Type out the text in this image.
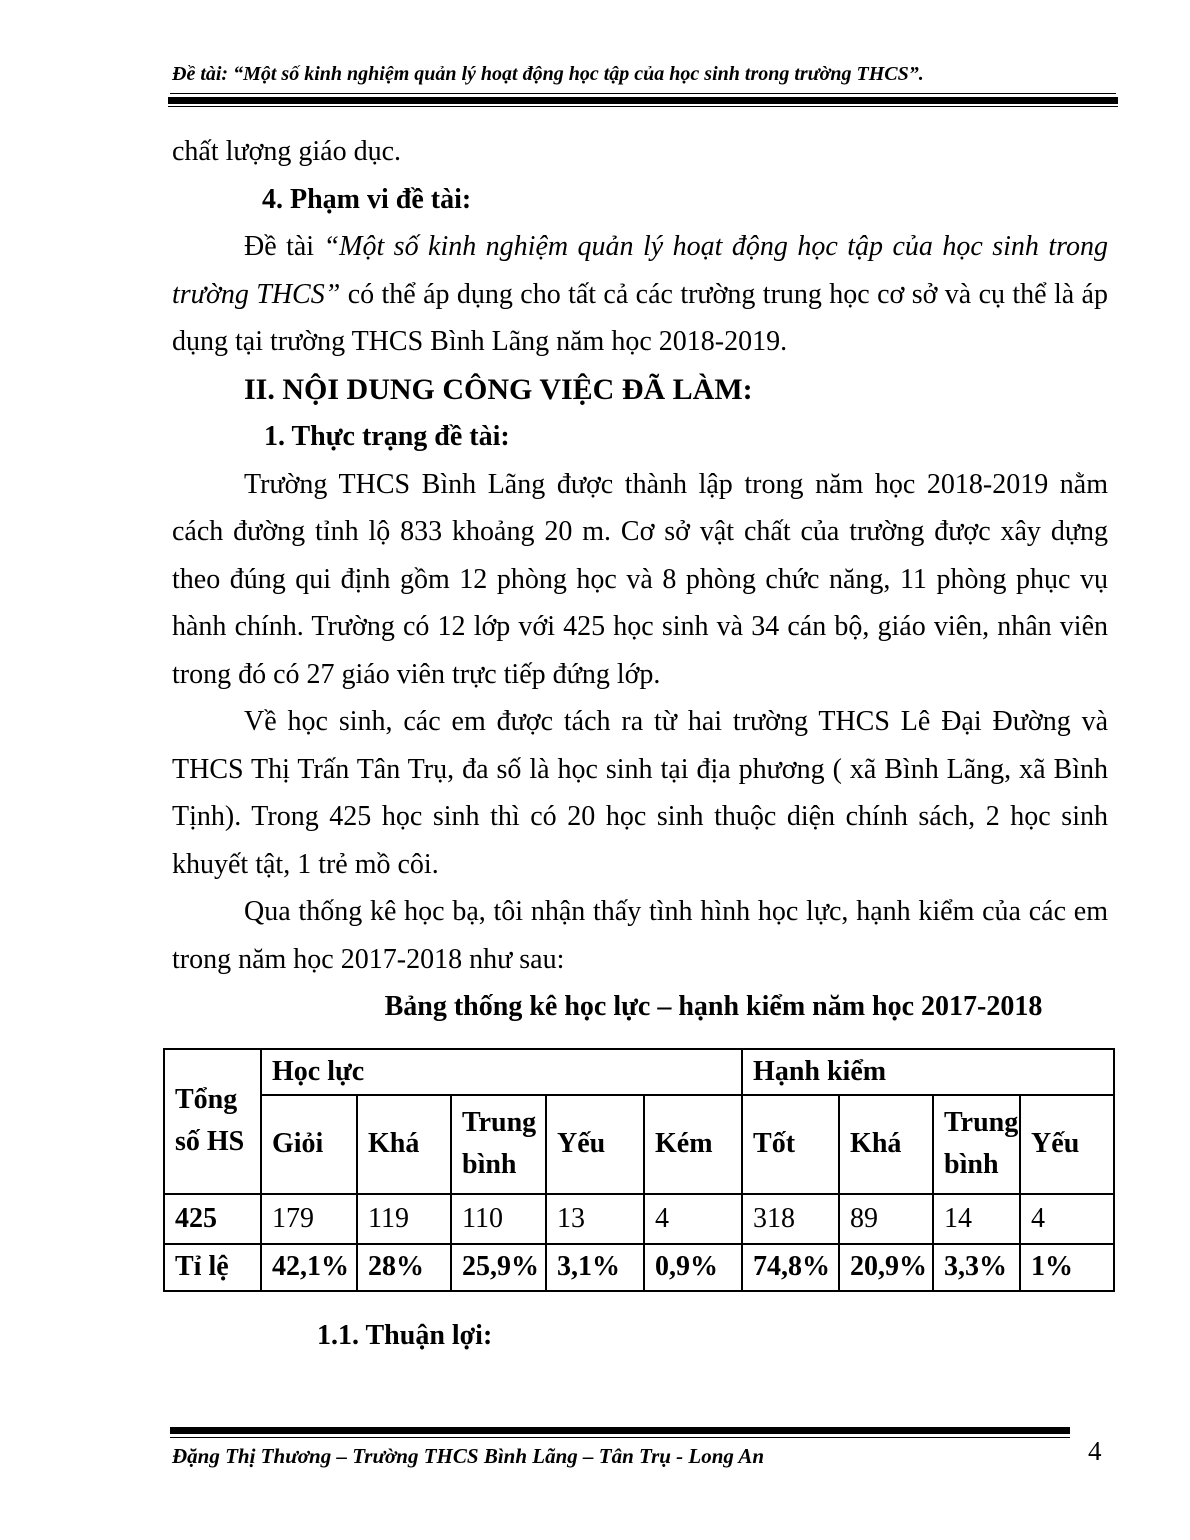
Đề tài: “Một số kinh nghiệm quản lý hoạt động học tập của học sinh trong trường THCS”.

chất lượng giáo dục.

4. Phạm vi đề tài:

Đề tài “Một số kinh nghiệm quản lý hoạt động học tập của học sinh trong trường THCS” có thể áp dụng cho tất cả các trường trung học cơ sở và cụ thể là áp dụng tại trường THCS Bình Lãng năm học 2018-2019.

II. NỘI DUNG CÔNG VIỆC ĐÃ LÀM:

1. Thực trạng đề tài:

Trường THCS Bình Lãng được thành lập trong năm học 2018-2019 nằm cách đường tỉnh lộ 833 khoảng 20 m. Cơ sở vật chất của trường được xây dựng theo đúng qui định gồm 12 phòng học và 8 phòng chức năng, 11 phòng phục vụ hành chính. Trường có 12 lớp với 425 học sinh và 34 cán bộ, giáo viên, nhân viên trong đó có 27 giáo viên trực tiếp đứng lớp.

Về học sinh, các em được tách ra từ hai trường THCS Lê Đại Đường và THCS Thị Trấn Tân Trụ, đa số là học sinh tại địa phương ( xã Bình Lãng, xã Bình Tịnh). Trong 425 học sinh thì có 20 học sinh thuộc diện chính sách, 2 học sinh khuyết tật, 1 trẻ mồ côi.

Qua thống kê học bạ, tôi nhận thấy tình hình học lực, hạnh kiểm của các em trong năm học 2017-2018 như sau:

Bảng thống kê học lực – hạnh kiểm năm học 2017-2018

Tổng
số HS	Học lực					Hạnh kiểm			
	Giỏi	Khá	Trung bình	Yếu	Kém	Tốt	Khá	Trung bình	Yếu
425	179	119	110	13	4	318	89	14	4
Tỉ lệ	42,1%	28%	25,9%	3,1%	0,9%	74,8%	20,9%	3,3%	1%

1.1. Thuận lợi:

Đặng Thị Thương – Trường THCS Bình Lãng – Tân Trụ - Long An	4
